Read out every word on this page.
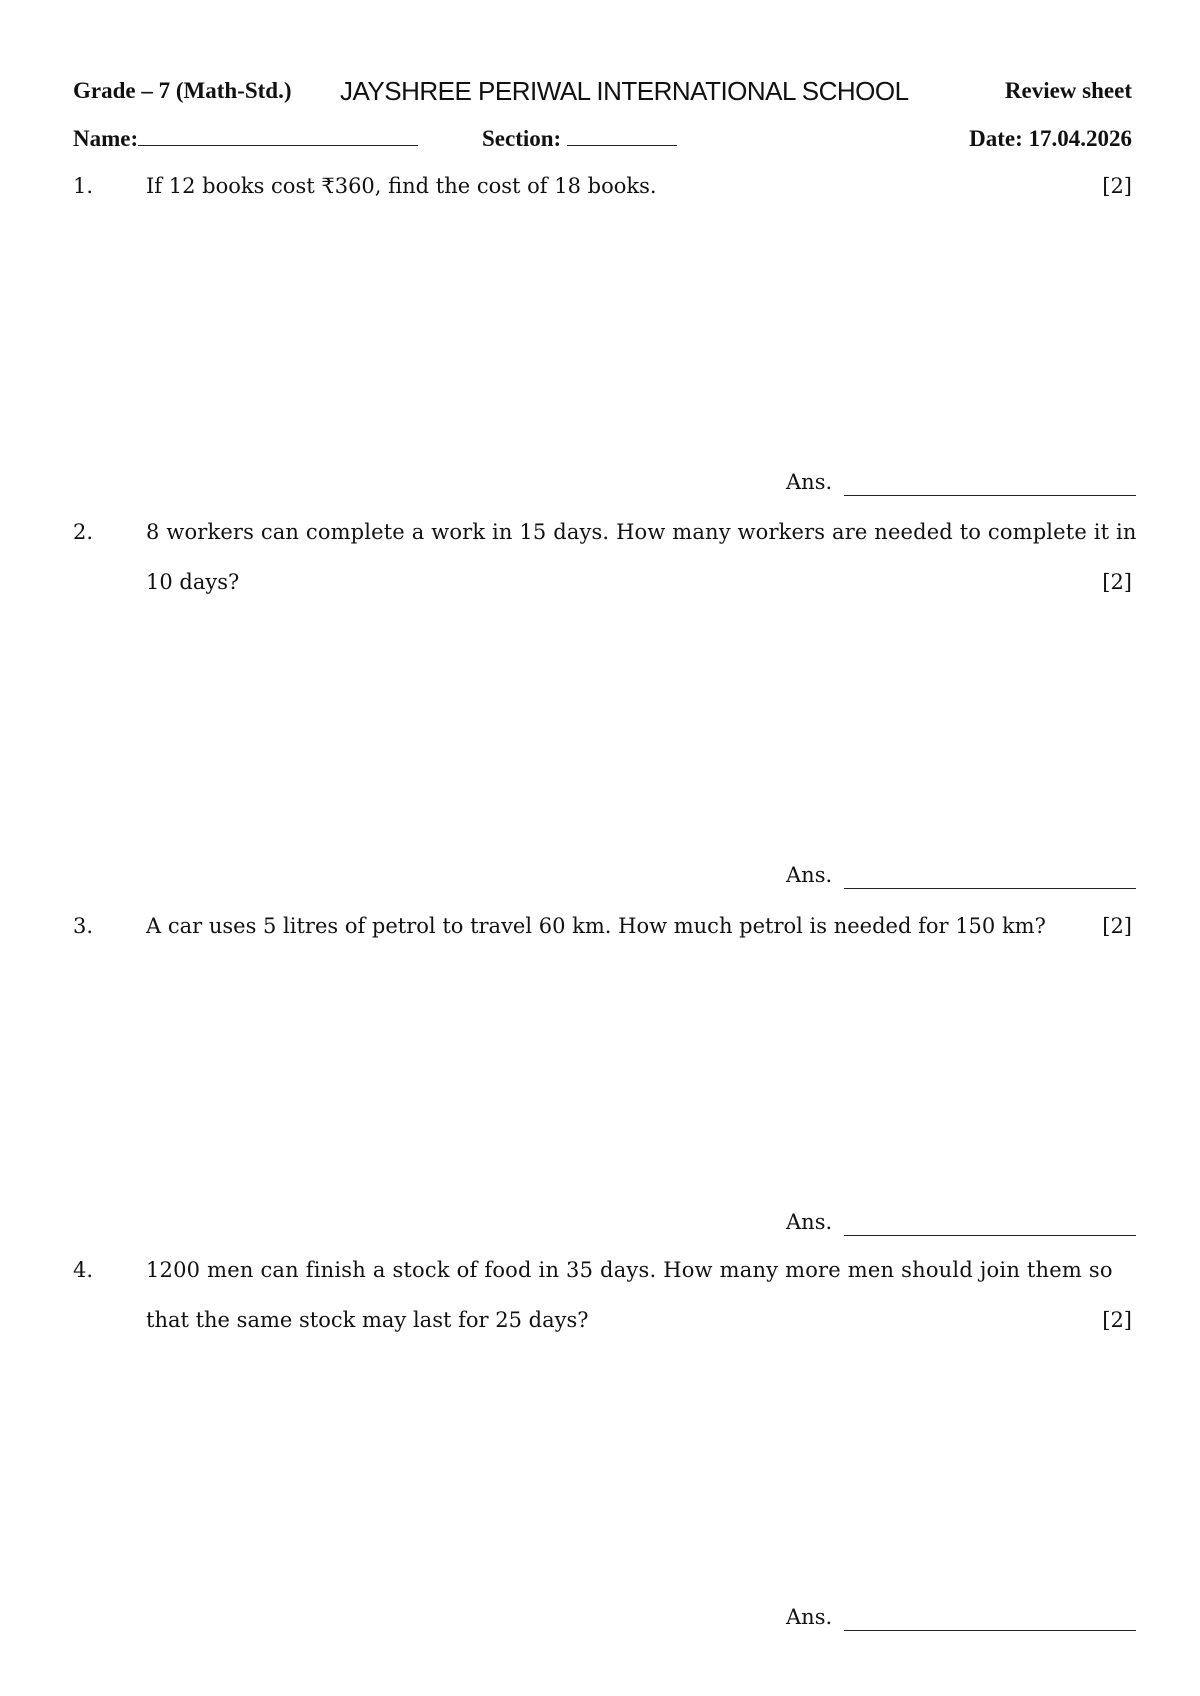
Grade – 7 (Math-Std.) JAYSHREE PERIWAL INTERNATIONAL SCHOOL	Review sheet
Name:	Section:	Date: 17.04.2026
1.	If 12 books cost ₹360, find the cost of 18 books.	[2]
Ans.
2.	8 workers can complete a work in 15 days. How many workers are needed to complete it in
10 days?	[2]
Ans.
3.	A car uses 5 litres of petrol to travel 60 km. How much petrol is needed for 150 km?	[2]
Ans.
4.	1200 men can finish a stock of food in 35 days. How many more men should join them so
that the same stock may last for 25 days?	[2]
Ans.
